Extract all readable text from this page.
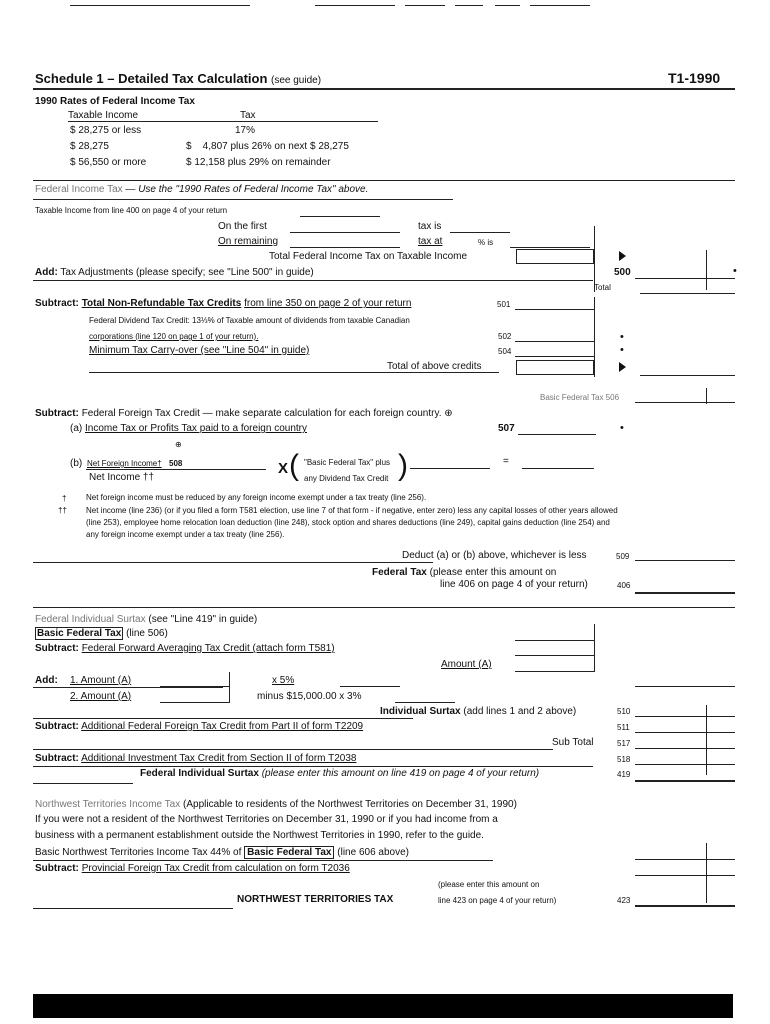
Schedule 1 – Detailed Tax Calculation (see guide)	T1-1990
1990 Rates of Federal Income Tax
Taxable Income	Tax
$ 28,275 or less	17%
$ 28,275	$    4,807 plus 26% on next $ 28,275
$ 56,550 or more	$ 12,158 plus 29% on remainder
Federal Income Tax — Use the "1990 Rates of Federal Income Tax" above.
Taxable Income from line 400 on page 4 of your return
On the first	tax is
On remaining	tax at	% is
Total Federal Income Tax on Taxable Income
Add: Tax Adjustments (please specify; see "Line 500" in guide)	500	•
Total
Subtract: Total Non-Refundable Tax Credits from line 350 on page 2 of your return	501
Federal Dividend Tax Credit: 13⅓% of Taxable amount of dividends from taxable Canadian
corporations (line 120 on page 1 of your return).	502	•
Minimum Tax Carry-over (see "Line 504" in guide)	504	•
Total of above credits
Basic Federal Tax 506
Subtract: Federal Foreign Tax Credit — make separate calculation for each foreign country. ⊕
(a) Income Tax or Profits Tax paid to a foreign country	507	•
⊕
(b) Net Foreign Income† 508
Net Income ††
X ( "Basic Federal Tax" plus
any Dividend Tax Credit )	=
† Net foreign income must be reduced by any foreign income exempt under a tax treaty (line 256).
†† Net income (line 236) (or if you filed a form T581 election, use line 7 of that form - if negative, enter zero) less any capital losses of other years allowed (line 253), employee home relocation loan deduction (line 248), stock option and shares deductions (line 249), capital gains deduction (line 254) and any foreign income exempt under a tax treaty (line 256).
Deduct (a) or (b) above, whichever is less	509
Federal Tax (please enter this amount on
line 406 on page 4 of your return)	406
Federal Individual Surtax (see "Line 419" in guide)
Basic Federal Tax (line 506)
Subtract: Federal Forward Averaging Tax Credit (attach form T581)
Amount (A)
Add: 1. Amount (A)	x 5%
2. Amount (A)	minus $15,000.00 x 3%
Individual Surtax (add lines 1 and 2 above)	510
Subtract: Additional Federal Foreign Tax Credit from Part II of form T2209	511
Sub Total	517
Subtract: Additional Investment Tax Credit from Section II of form T2038	518
Federal Individual Surtax (please enter this amount on line 419 on page 4 of your return)	419
Northwest Territories Income Tax (Applicable to residents of the Northwest Territories on December 31, 1990)
If you were not a resident of the Northwest Territories on December 31, 1990 or if you had income from a
business with a permanent establishment outside the Northwest Territories in 1990, refer to the guide.
Basic Northwest Territories Income Tax 44% of Basic Federal Tax (line 606 above)
Subtract: Provincial Foreign Tax Credit from calculation on form T2036
(please enter this amount on
NORTHWEST TERRITORIES TAX	line 423 on page 4 of your return)	423
